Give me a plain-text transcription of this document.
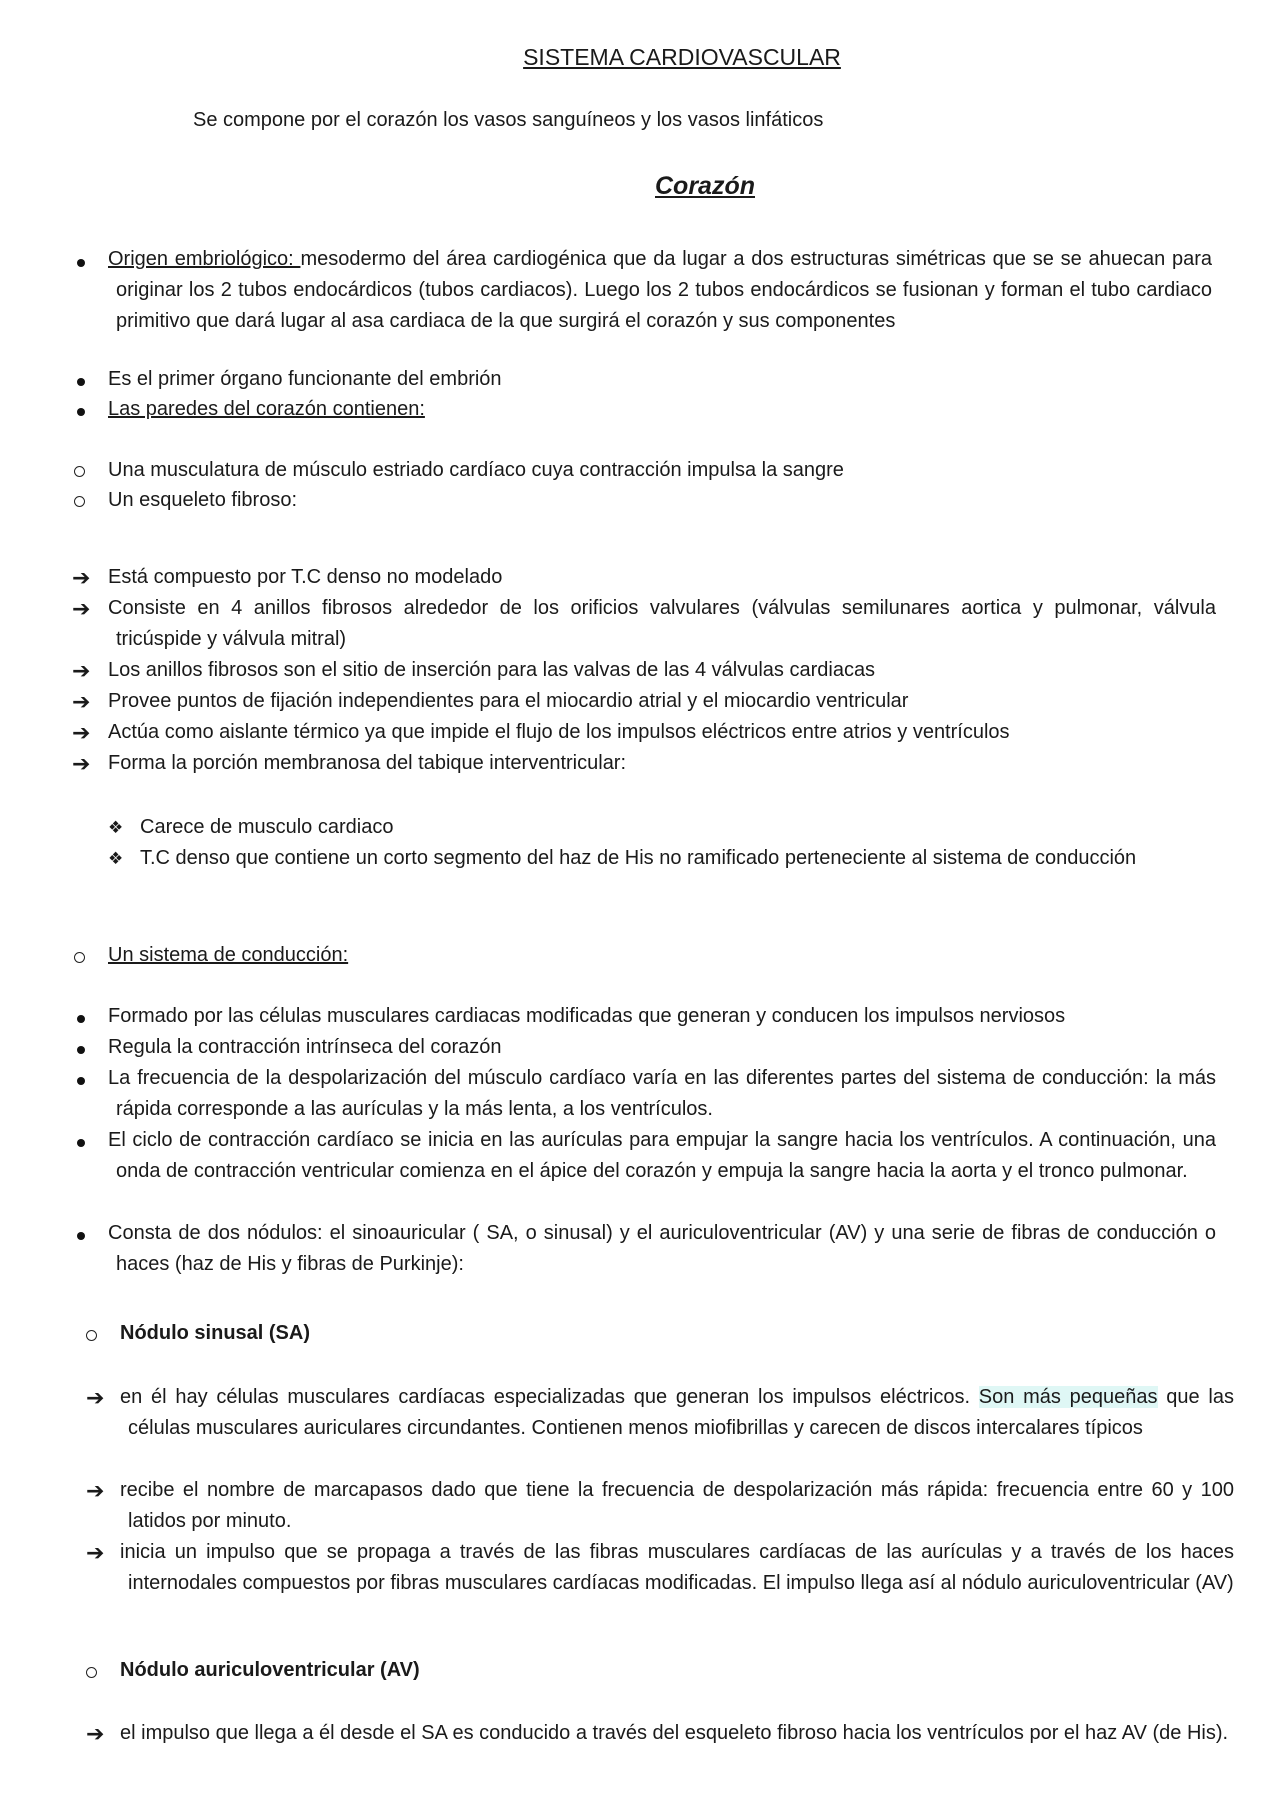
SISTEMA CARDIOVASCULAR
Se compone por el corazón los vasos sanguíneos y los vasos linfáticos
Corazón

Origen embriológico: mesodermo del área cardiogénica que da lugar a dos estructuras simétricas que se se ahuecan para originar los 2 tubos endocárdicos (tubos cardiacos). Luego los 2 tubos endocárdicos se fusionan y forman el tubo cardiaco primitivo que dará lugar al asa cardiaca de la que surgirá el corazón y sus componentes

Es el primer órgano funcionante del embrión

Las paredes del corazón contienen:

Una musculatura de músculo estriado cardíaco cuya contracción impulsa la sangre

Un esqueleto fibroso:

➔ Está compuesto por T.C denso no modelado

➔ Consiste en 4 anillos fibrosos alrededor de los orificios valvulares (válvulas semilunares aortica y pulmonar, válvula tricúspide y válvula mitral)

➔ Los anillos fibrosos son el sitio de inserción para las valvas de las 4 válvulas cardiacas

➔ Provee puntos de fijación independientes para el miocardio atrial y el miocardio ventricular

➔ Actúa como aislante térmico ya que impide el flujo de los impulsos eléctricos entre atrios y ventrículos

➔ Forma la porción membranosa del tabique interventricular:

❖ Carece de musculo cardiaco

❖ T.C denso que contiene un corto segmento del haz de His no ramificado perteneciente al sistema de conducción

Un sistema de conducción:

Formado por las células musculares cardiacas modificadas que generan y conducen los impulsos nerviosos

Regula la contracción intrínseca del corazón

La frecuencia de la despolarización del músculo cardíaco varía en las diferentes partes del sistema de conducción: la más rápida corresponde a las aurículas y la más lenta, a los ventrículos.

El ciclo de contracción cardíaco se inicia en las aurículas para empujar la sangre hacia los ventrículos. A continuación, una onda de contracción ventricular comienza en el ápice del corazón y empuja la sangre hacia la aorta y el tronco pulmonar.

Consta de dos nódulos: el sinoauricular ( SA, o sinusal) y el auriculoventricular (AV) y una serie de fibras de conducción o haces (haz de His y fibras de Purkinje):

Nódulo sinusal (SA)

➔ en él hay células musculares cardíacas especializadas que generan los impulsos eléctricos. Son más pequeñas que las células musculares auriculares circundantes. Contienen menos miofibrillas y carecen de discos intercalares típicos

➔ recibe el nombre de marcapasos dado que tiene la frecuencia de despolarización más rápida: frecuencia entre 60 y 100 latidos por minuto.

➔ inicia un impulso que se propaga a través de las fibras musculares cardíacas de las aurículas y a través de los haces internodales compuestos por fibras musculares cardíacas modificadas. El impulso llega así al nódulo auriculoventricular (AV)

Nódulo auriculoventricular (AV)

➔ el impulso que llega a él desde el SA es conducido a través del esqueleto fibroso hacia los ventrículos por el haz AV (de His).
